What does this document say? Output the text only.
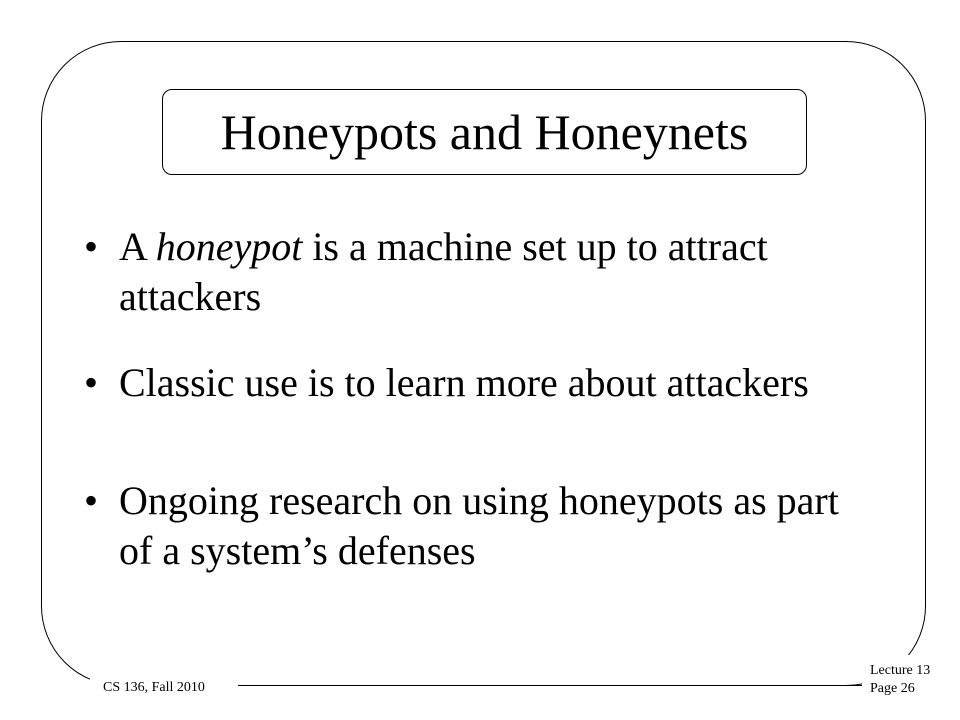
Honeypots and Honeynets
• A honeypot is a machine set up to attract attackers
• Classic use is to learn more about attackers
• Ongoing research on using honeypots as part of a system’s defenses
CS 136, Fall 2010
Lecture 13
Page 26
